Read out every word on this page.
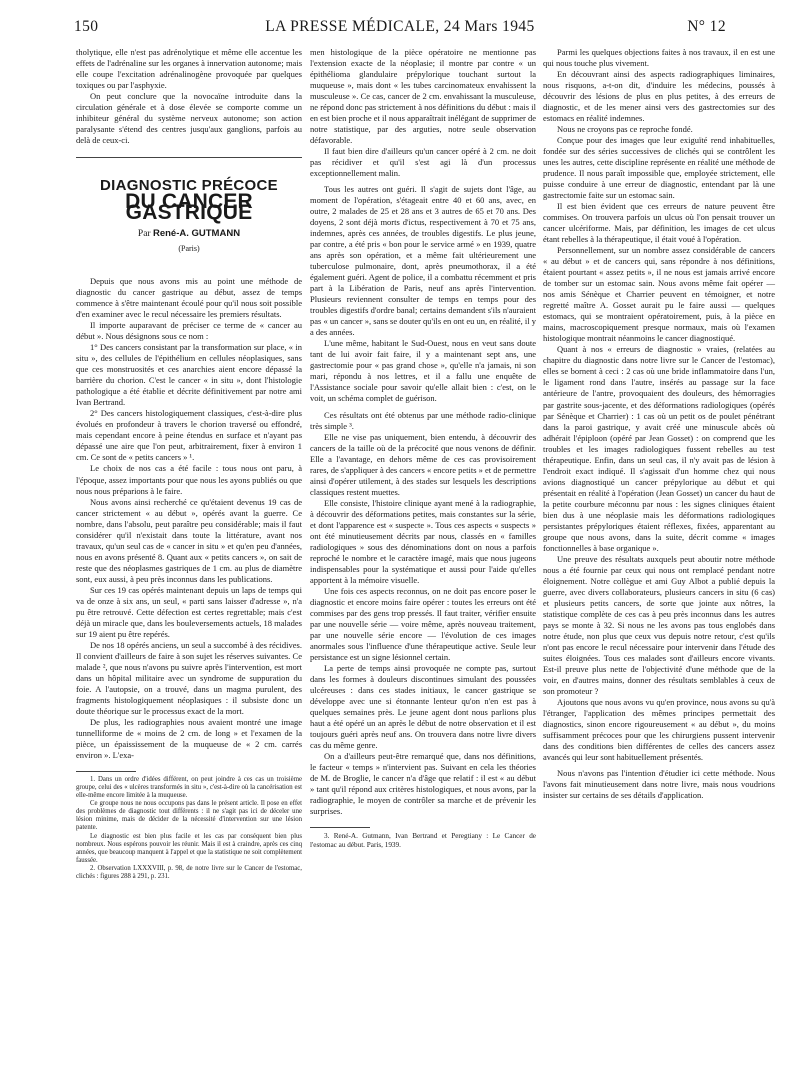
150	LA PRESSE MÉDICALE, 24 Mars 1945	N° 12

tholytique, elle n'est pas adrénolytique et même elle accentue les effets de l'adrénaline sur les organes à innervation autonome; mais elle coupe l'excitation adrénalinogène provoquée par quelques toxiques ou par l'asphyxie.

On peut conclure que la novocaïne introduite dans la circulation générale et à dose élevée se comporte comme un inhibiteur général du système nerveux autonome; son action paralysante s'étend des centres jusqu'aux ganglions, parfois au delà de ceux-ci.

DIAGNOSTIC PRÉCOCE
DU CANCER GASTRIQUE
Par René-A. GUTMANN
(Paris)

Depuis que nous avons mis au point une méthode de diagnostic du cancer gastrique au début, assez de temps commence à s'être maintenant écoulé pour qu'il nous soit possible d'en examiner avec le recul nécessaire les premiers résultats.

Il importe auparavant de préciser ce terme de « cancer au début ». Nous désignons sous ce nom :

1° Des cancers consistant par la transformation sur place, « in situ », des cellules de l'épithélium en cellules néoplasiques, sans que ces monstruosités et ces anarchies aient encore dépassé la barrière du chorion. C'est le cancer « in situ », dont l'histologie pathologique a été établie et décrite définitivement par notre ami Ivan Bertrand.

2° Des cancers histologiquement classiques, c'est-à-dire plus évolués en profondeur à travers le chorion traversé ou effondré, mais cependant encore à peine étendus en surface et n'ayant pas dépassé une aire que l'on peut, arbitrairement, fixer à environ 1 cm. Ce sont de « petits cancers » ¹.

Le choix de nos cas a été facile : tous nous ont paru, à l'époque, assez importants pour que nous les ayons publiés ou que nous nous préparions à le faire.

Nous avons ainsi recherché ce qu'étaient devenus 19 cas de cancer strictement « au début », opérés avant la guerre. Ce nombre, dans l'absolu, peut paraître peu considérable; mais il faut considérer qu'il n'existait dans toute la littérature, avant nos travaux, qu'un seul cas de « cancer in situ » et qu'en peu d'années, nous en avons présenté 8. Quant aux « petits cancers », on sait de reste que des néoplasmes gastriques de 1 cm. au plus de diamètre sont, eux aussi, à peu près inconnus dans les publications.

Sur ces 19 cas opérés maintenant depuis un laps de temps qui va de onze à six ans, un seul, « parti sans laisser d'adresse », n'a pu être retrouvé. Cette défection est certes regrettable; mais c'est déjà un miracle que, dans les bouleversements actuels, 18 malades sur 19 aient pu être repérés.

De nos 18 opérés anciens, un seul a succombé à des récidives. Il convient d'ailleurs de faire à son sujet les réserves suivantes. Ce malade ², que nous n'avons pu suivre après l'intervention, est mort dans un hôpital militaire avec un syndrome de suppuration du foie. A l'autopsie, on a trouvé, dans un magma purulent, des fragments histologiquement néoplasiques : il subsiste donc un doute théorique sur le processus exact de la mort.

De plus, les radiographies nous avaient montré une image tunnelliforme de « moins de 2 cm. de long » et l'examen de la pièce, un épaississement de la muqueuse de « 2 cm. carrés environ ». L'exa-

1. Dans un ordre d'idées différent, on peut joindre à ces cas un troisième groupe, celui des « ulcères transformés in situ », c'est-à-dire où la cancérisation est elle-même encore limitée à la muqueuse.

Ce groupe nous ne nous occupons pas dans le présent article. Il pose en effet des problèmes de diagnostic tout différents : il ne s'agit pas ici de déceler une lésion minime, mais de décider de la nécessité d'intervention sur une lésion patente.

Le diagnostic est bien plus facile et les cas par conséquent bien plus nombreux. Nous espérons pouvoir les réunir. Mais il est à craindre, après ces cinq années, que beaucoup manquent à l'appel et que la statistique ne soit complètement faussée.

2. Observation LXXXVIII, p. 98, de notre livre sur le Cancer de l'estomac, clichés : figures 288 à 291, p. 231.

men histologique de la pièce opératoire ne mentionne pas l'extension exacte de la néoplasie; il montre par contre « un épithélioma glandulaire prépylorique touchant surtout la muqueuse », mais dont « les tubes carcinomateux envahissent la musculeuse ». Ce cas, cancer de 2 cm. envahissant la musculeuse, ne répond donc pas strictement à nos définitions du début : mais il en est bien proche et il nous apparaîtrait inélégant de supprimer de notre statistique, par des arguties, notre seule observation défavorable.

Il faut bien dire d'ailleurs qu'un cancer opéré à 2 cm. ne doit pas récidiver et qu'il s'est agi là d'un processus exceptionnellement malin.

Tous les autres ont guéri. Il s'agit de sujets dont l'âge, au moment de l'opération, s'étageait entre 40 et 60 ans, avec, en outre, 2 malades de 25 et 28 ans et 3 autres de 65 et 70 ans. Des doyens, 2 sont déjà morts d'ictus, respectivement à 70 et 75 ans, indemnes, après ces années, de troubles digestifs. Le plus jeune, par contre, a été pris « bon pour le service armé » en 1939, quatre ans après son opération, et a même fait ultérieurement une tuberculose pulmonaire, dont, après pneumothorax, il a été également guéri. Agent de police, il a combattu récemment et pris part à la Libération de Paris, neuf ans après l'intervention. Plusieurs reviennent consulter de temps en temps pour des troubles digestifs d'ordre banal; certains demandent s'ils n'auraient pas « un cancer », sans se douter qu'ils en ont eu un, en réalité, il y a des années.

L'une même, habitant le Sud-Ouest, nous en veut sans doute tant de lui avoir fait faire, il y a maintenant sept ans, une gastrectomie pour « pas grand chose », qu'elle n'a jamais, ni son mari, répondu à nos lettres, et il a fallu une enquête de l'Assistance sociale pour savoir qu'elle allait bien : c'est, on le voit, un schéma complet de guérison.

Ces résultats ont été obtenus par une méthode radio-clinique très simple ³.

Elle ne vise pas uniquement, bien entendu, à découvrir des cancers de la taille où de la précocité que nous venons de définir. Elle a l'avantage, en dehors même de ces cas provisoirement rares, de s'appliquer à des cancers « encore petits » et de permettre ainsi d'opérer utilement, à des stades sur lesquels les descriptions classiques restent muettes.

Elle consiste, l'histoire clinique ayant mené à la radiographie, à découvrir des déformations petites, mais constantes sur la série, et dont l'apparence est « suspecte ». Tous ces aspects « suspects » ont été minutieusement décrits par nous, classés en « familles radiologiques » sous des dénominations dont on nous a parfois reproché le nombre et le caractère imagé, mais que nous jugeons indispensables pour la systématique et aussi pour l'aide qu'elles apportent à la mémoire visuelle.

Une fois ces aspects reconnus, on ne doit pas encore poser le diagnostic et encore moins faire opérer : toutes les erreurs ont été commises par des gens trop pressés. Il faut traiter, vérifier ensuite par une nouvelle série — voire même, après nouveau traitement, par une nouvelle série encore — l'évolution de ces images anormales sous l'influence d'une thérapeutique active. Seule leur persistance est un signe lésionnel certain.

La perte de temps ainsi provoquée ne compte pas, surtout dans les formes à douleurs discontinues simulant des poussées ulcéreuses : dans ces stades initiaux, le cancer gastrique se développe avec une si étonnante lenteur qu'on n'en est pas à quelques semaines près. Le jeune agent dont nous parlions plus haut a été opéré un an après le début de notre observation et il est toujours guéri après neuf ans. On trouvera dans notre livre divers cas du même genre.

On a d'ailleurs peut-être remarqué que, dans nos définitions, le facteur « temps » n'intervient pas. Suivant en cela les théories de M. de Broglie, le cancer n'a d'âge que relatif : il est « au début » tant qu'il répond aux critères histologiques, et nous avons, par la radiographie, le moyen de contrôler sa marche et de prévenir les surprises.

3. René-A. Gutmann, Ivan Bertrand et Peregtiany : Le Cancer de l'estomac au début. Paris, 1939.

Parmi les quelques objections faites à nos travaux, il en est une qui nous touche plus vivement.

En découvrant ainsi des aspects radiographiques liminaires, nous risquons, a-t-on dit, d'induire les médecins, poussés à découvrir des lésions de plus en plus petites, à des erreurs de diagnostic, et de les mener ainsi vers des gastrectomies sur des estomacs en réalité indemnes.

Nous ne croyons pas ce reproche fondé.

Conçue pour des images que leur exiguïté rend inhabituelles, fondée sur des séries successives de clichés qui se contrôlent les unes les autres, cette discipline représente en réalité une méthode de prudence. Il nous paraît impossible que, employée strictement, elle puisse conduire à une erreur de diagnostic, entendant par là une gastrectomie faite sur un estomac sain.

Il est bien évident que ces erreurs de nature peuvent être commises. On trouvera parfois un ulcus où l'on pensait trouver un cancer ulcériforme. Mais, par définition, les images de cet ulcus étant rebelles à la thérapeutique, il était voué à l'opération.

Personnellement, sur un nombre assez considérable de cancers « au début » et de cancers qui, sans répondre à nos définitions, étaient pourtant « assez petits », il ne nous est jamais arrivé encore de tomber sur un estomac sain. Nous avons même fait opérer — nos amis Sénèque et Charrier peuvent en témoigner, et notre regretté maître A. Gosset aurait pu le faire aussi — quelques estomacs, qui se montraient opératoirement, puis, à la pièce en mains, macroscopiquement presque normaux, mais où l'examen histologique montrait néanmoins le cancer diagnostiqué.

Quant à nos « erreurs de diagnostic » vraies, (relatées au chapitre du diagnostic dans notre livre sur le Cancer de l'estomac), elles se bornent à ceci : 2 cas où une bride inflammatoire dans l'un, le ligament rond dans l'autre, insérés au passage sur la face antérieure de l'antre, provoquaient des douleurs, des hémorragies par gastrite sous-jacente, et des déformations radiologiques (opérés par Sénèque et Charrier) : 1 cas où un petit os de poulet pénétrant dans la paroi gastrique, y avait créé une minuscule abcès où adhérait l'épiploon (opéré par Jean Gosset) : on comprend que les troubles et les images radiologiques fussent rebelles au test thérapeutique. Enfin, dans un seul cas, il n'y avait pas de lésion à l'endroit exact indiqué. Il s'agissait d'un homme chez qui nous avions diagnostiqué un cancer prépylorique au début et qui présentait en réalité à l'opération (Jean Gosset) un cancer du haut de la petite courbure méconnu par nous : les signes cliniques étaient bien dus à une néoplasie mais les déformations radiologiques persistantes prépyloriques étaient réflexes, fixées, apparentant au groupe que nous avons, dans la suite, décrit comme « images fonctionnelles à base organique ».

Une preuve des résultats auxquels peut aboutir notre méthode nous a été fournie par ceux qui nous ont remplacé pendant notre éloignement. Notre collègue et ami Guy Albot a publié depuis la guerre, avec divers collaborateurs, plusieurs cancers in situ (6 cas) et plusieurs petits cancers, de sorte que jointe aux nôtres, la statistique complète de ces cas à peu près inconnus dans les autres pays se monte à 32. Si nous ne les avons pas tous englobés dans notre étude, non plus que ceux vus depuis notre retour, c'est qu'ils n'ont pas encore le recul nécessaire pour intervenir dans l'étude des suites éloignées. Tous ces malades sont d'ailleurs encore vivants. Est-il preuve plus nette de l'objectivité d'une méthode que de la voir, en d'autres mains, donner des résultats semblables à ceux de son promoteur ?

Ajoutons que nous avons vu qu'en province, nous avons su qu'à l'étranger, l'application des mêmes principes permettait des diagnostics, sinon encore rigoureusement « au début », du moins suffisamment précoces pour que les chirurgiens pussent intervenir dans des conditions bien différentes de celles des cancers assez avancés qui leur sont habituellement présentés.

Nous n'avons pas l'intention d'étudier ici cette méthode. Nous l'avons fait minutieusement dans notre livre, mais nous voudrions insister sur certains de ses détails d'application.
